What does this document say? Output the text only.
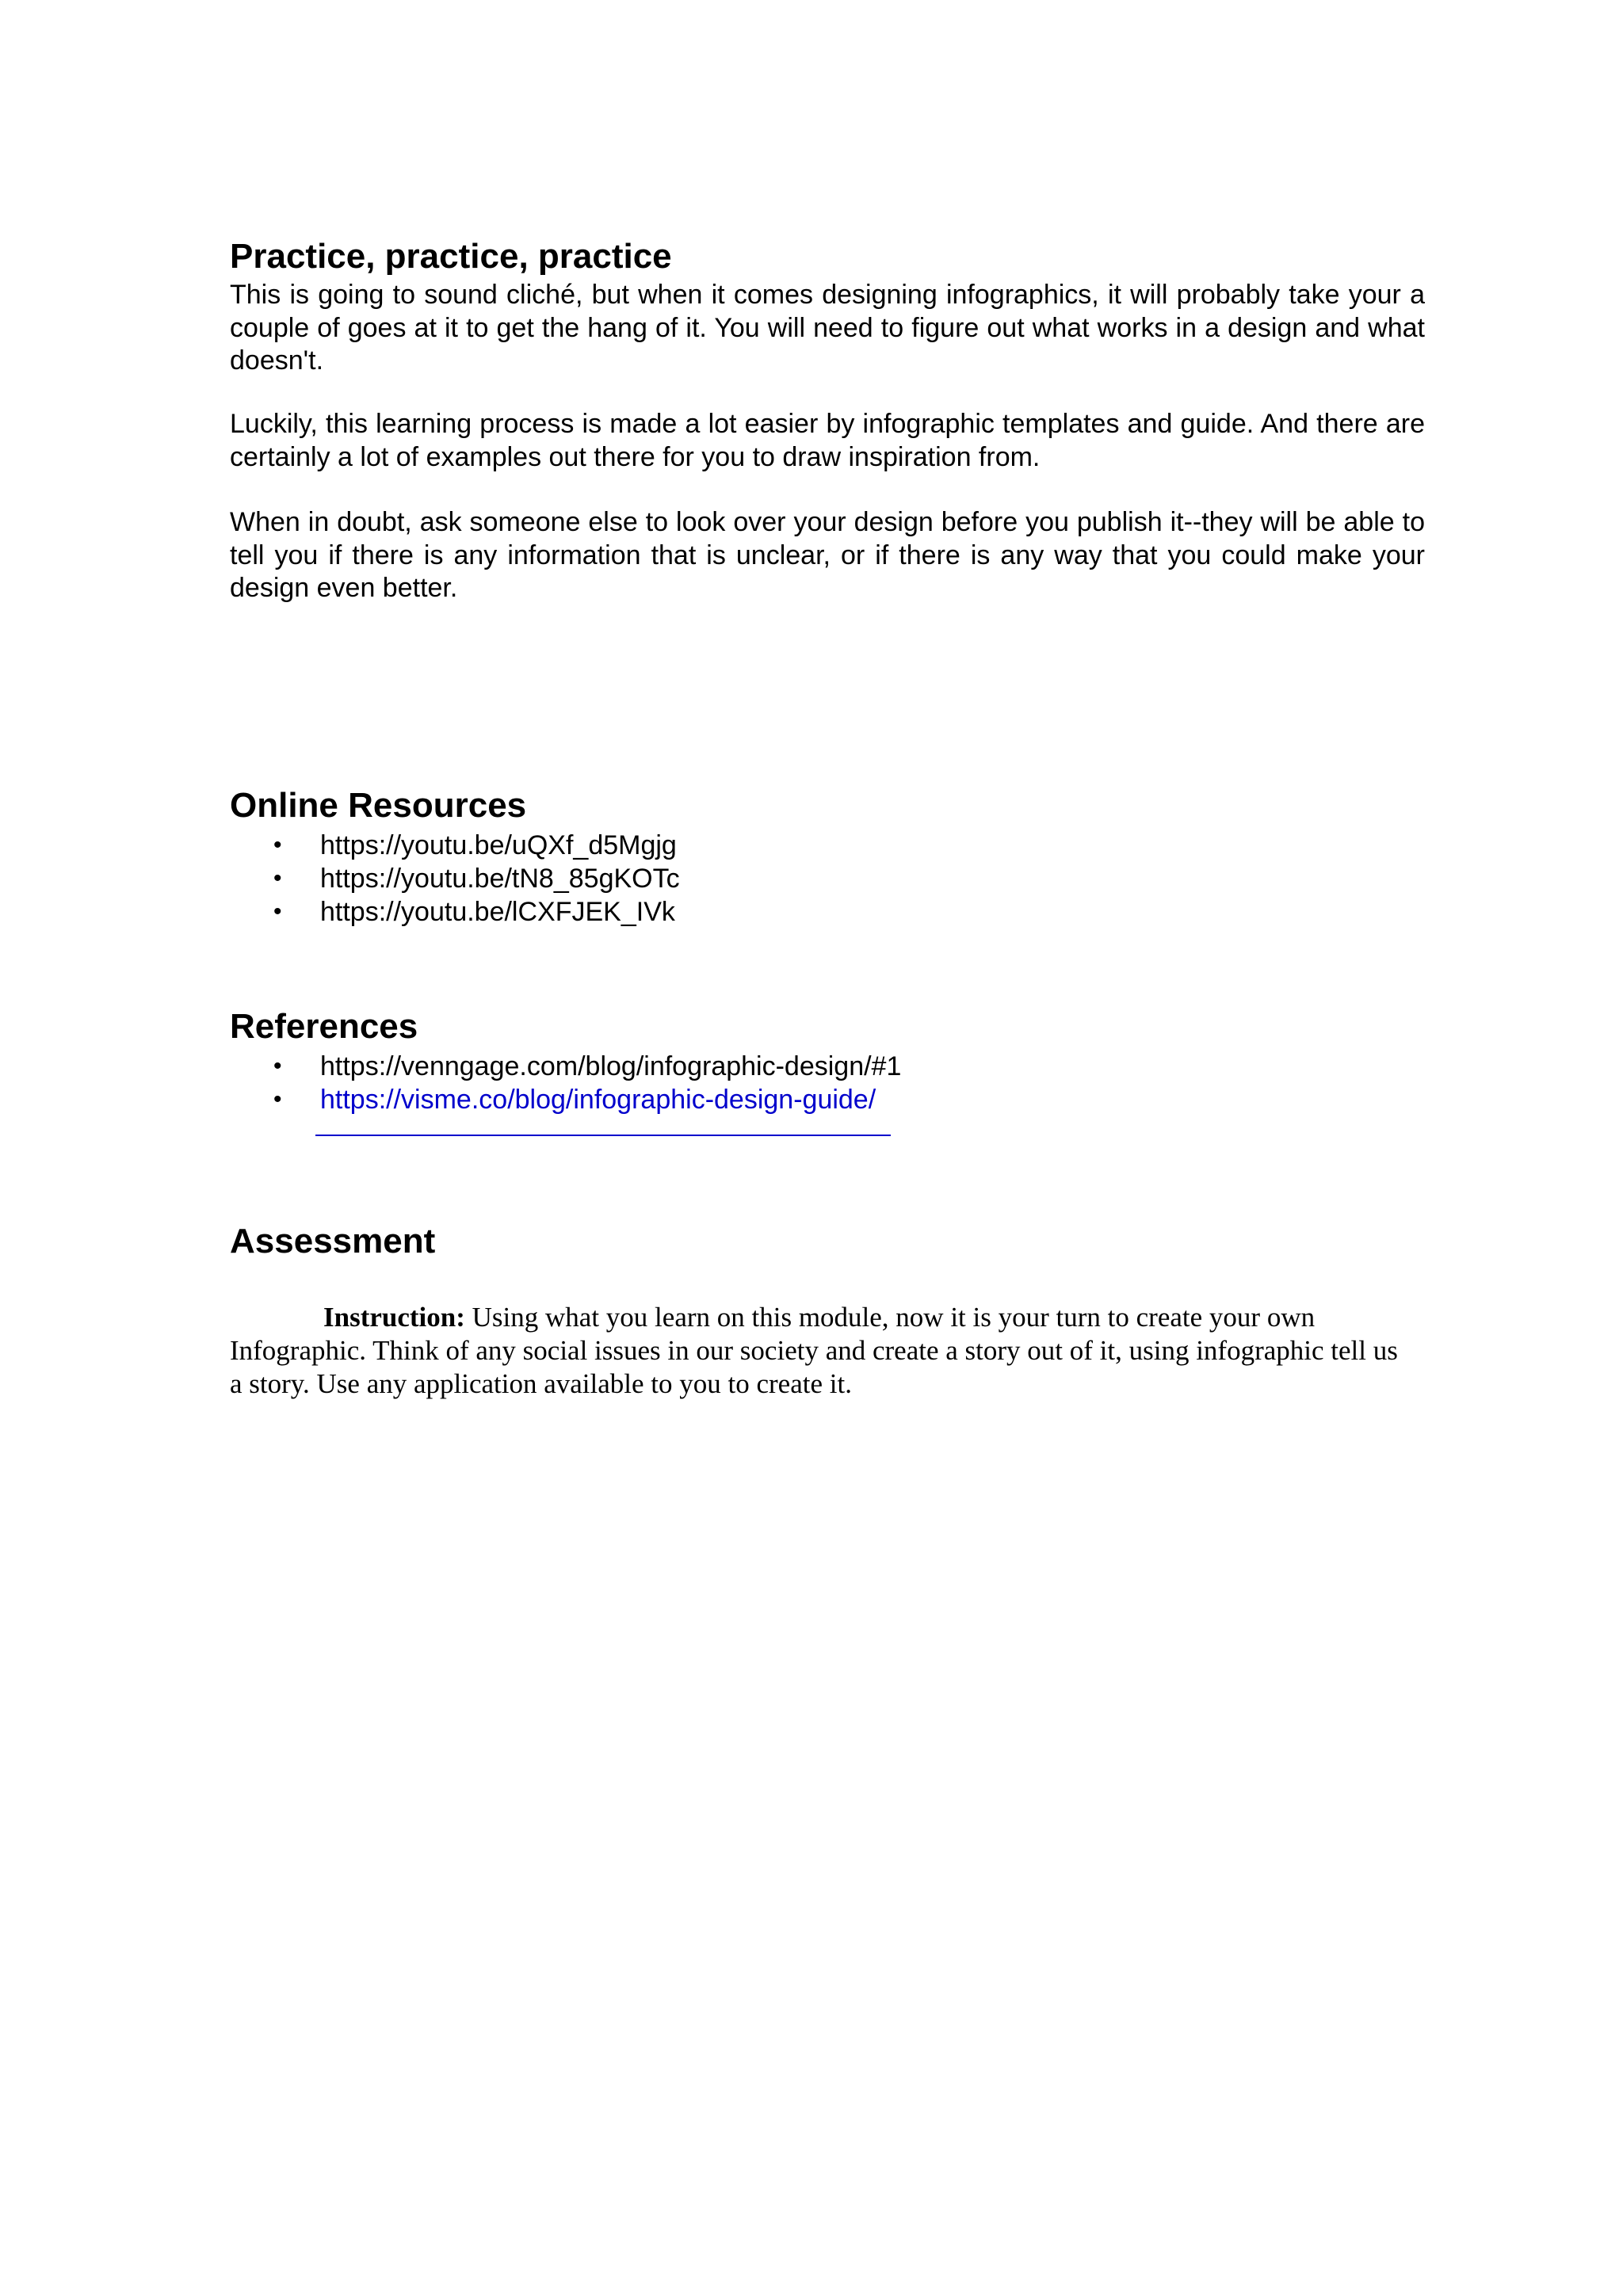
Practice, practice, practice

This is going to sound cliché, but when it comes designing infographics, it will probably take your a couple of goes at it to get the hang of it. You will need to figure out what works in a design and what doesn't.

Luckily, this learning process is made a lot easier by infographic templates and guide. And there are certainly a lot of examples out there for you to draw inspiration from.

When in doubt, ask someone else to look over your design before you publish it--they will be able to tell you if there is any information that is unclear, or if there is any way that you could make your design even better.

Online Resources
• https://youtu.be/uQXf_d5Mgjg
• https://youtu.be/tN8_85gKOTc
• https://youtu.be/lCXFJEK_IVk
References
• https://venngage.com/blog/infographic-design/#1
• https://visme.co/blog/infographic-design-guide/
Assessment

Instruction: Using what you learn on this module, now it is your turn to create your own Infographic. Think of any social issues in our society and create a story out of it, using infographic tell us a story. Use any application available to you to create it.
